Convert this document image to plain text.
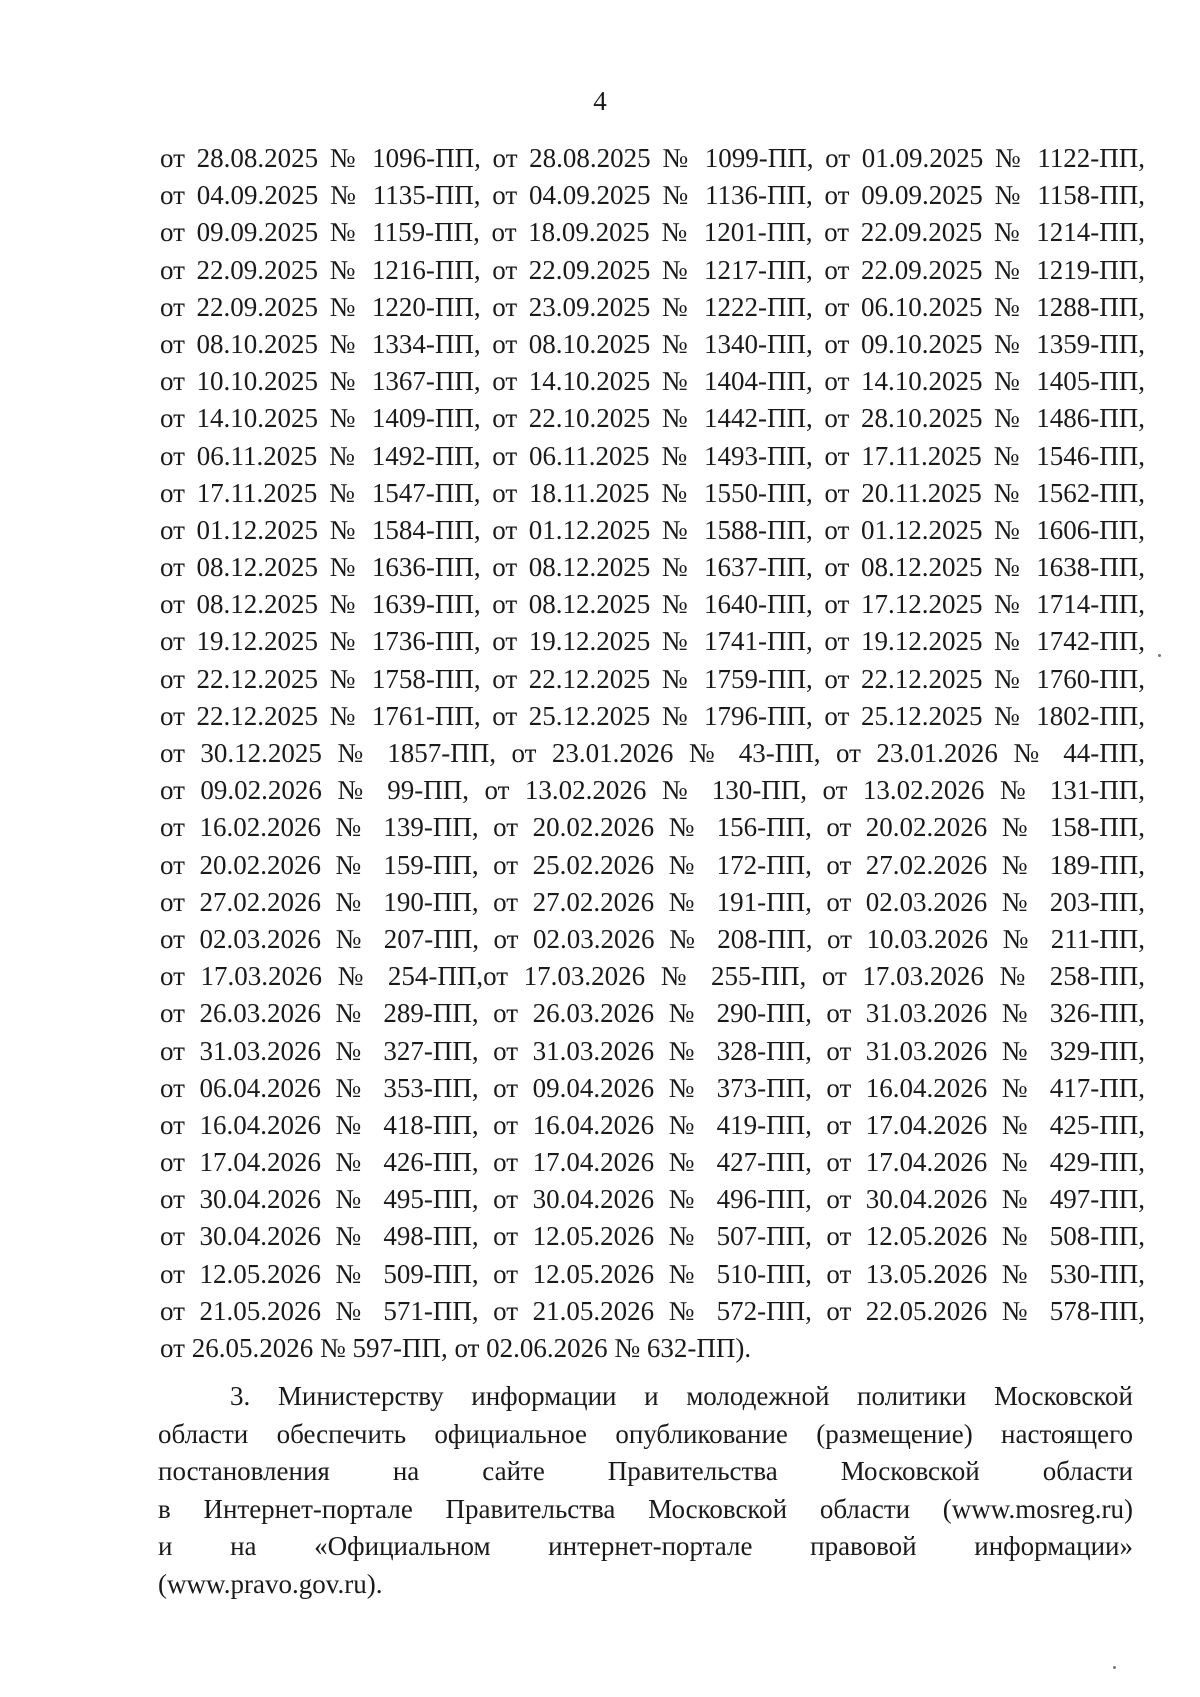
4
от 28.08.2025 № 1096-ПП, от 28.08.2025 № 1099-ПП, от 01.09.2025 № 1122-ПП,
от 04.09.2025 № 1135-ПП, от 04.09.2025 № 1136-ПП, от 09.09.2025 № 1158-ПП,
от 09.09.2025 № 1159-ПП, от 18.09.2025 № 1201-ПП, от 22.09.2025 № 1214-ПП,
от 22.09.2025 № 1216-ПП, от 22.09.2025 № 1217-ПП, от 22.09.2025 № 1219-ПП,
от 22.09.2025 № 1220-ПП, от 23.09.2025 № 1222-ПП, от 06.10.2025 № 1288-ПП,
от 08.10.2025 № 1334-ПП, от 08.10.2025 № 1340-ПП, от 09.10.2025 № 1359-ПП,
от 10.10.2025 № 1367-ПП, от 14.10.2025 № 1404-ПП, от 14.10.2025 № 1405-ПП,
от 14.10.2025 № 1409-ПП, от 22.10.2025 № 1442-ПП, от 28.10.2025 № 1486-ПП,
от 06.11.2025 № 1492-ПП, от 06.11.2025 № 1493-ПП, от 17.11.2025 № 1546-ПП,
от 17.11.2025 № 1547-ПП, от 18.11.2025 № 1550-ПП, от 20.11.2025 № 1562-ПП,
от 01.12.2025 № 1584-ПП, от 01.12.2025 № 1588-ПП, от 01.12.2025 № 1606-ПП,
от 08.12.2025 № 1636-ПП, от 08.12.2025 № 1637-ПП, от 08.12.2025 № 1638-ПП,
от 08.12.2025 № 1639-ПП, от 08.12.2025 № 1640-ПП, от 17.12.2025 № 1714-ПП,
от 19.12.2025 № 1736-ПП, от 19.12.2025 № 1741-ПП, от 19.12.2025 № 1742-ПП,
от 22.12.2025 № 1758-ПП, от 22.12.2025 № 1759-ПП, от 22.12.2025 № 1760-ПП,
от 22.12.2025 № 1761-ПП, от 25.12.2025 № 1796-ПП, от 25.12.2025 № 1802-ПП,
от 30.12.2025 № 1857-ПП, от 23.01.2026 № 43-ПП, от 23.01.2026 № 44-ПП,
от 09.02.2026 № 99-ПП, от 13.02.2026 № 130-ПП, от 13.02.2026 № 131-ПП,
от 16.02.2026 № 139-ПП, от 20.02.2026 № 156-ПП, от 20.02.2026 № 158-ПП,
от 20.02.2026 № 159-ПП, от 25.02.2026 № 172-ПП, от 27.02.2026 № 189-ПП,
от 27.02.2026 № 190-ПП, от 27.02.2026 № 191-ПП, от 02.03.2026 № 203-ПП,
от 02.03.2026 № 207-ПП, от 02.03.2026 № 208-ПП, от 10.03.2026 № 211-ПП,
от 17.03.2026 № 254-ПП,от 17.03.2026 № 255-ПП, от 17.03.2026 № 258-ПП,
от 26.03.2026 № 289-ПП, от 26.03.2026 № 290-ПП, от 31.03.2026 № 326-ПП,
от 31.03.2026 № 327-ПП, от 31.03.2026 № 328-ПП, от 31.03.2026 № 329-ПП,
от 06.04.2026 № 353-ПП, от 09.04.2026 № 373-ПП, от 16.04.2026 № 417-ПП,
от 16.04.2026 № 418-ПП, от 16.04.2026 № 419-ПП, от 17.04.2026 № 425-ПП,
от 17.04.2026 № 426-ПП, от 17.04.2026 № 427-ПП, от 17.04.2026 № 429-ПП,
от 30.04.2026 № 495-ПП, от 30.04.2026 № 496-ПП, от 30.04.2026 № 497-ПП,
от 30.04.2026 № 498-ПП, от 12.05.2026 № 507-ПП, от 12.05.2026 № 508-ПП,
от 12.05.2026 № 509-ПП, от 12.05.2026 № 510-ПП, от 13.05.2026 № 530-ПП,
от 21.05.2026 № 571-ПП, от 21.05.2026 № 572-ПП, от 22.05.2026 № 578-ПП,
от 26.05.2026 № 597-ПП, от 02.06.2026 № 632-ПП).
3. Министерству информации и молодежной политики Московской
области обеспечить официальное опубликование (размещение) настоящего
постановления на сайте Правительства Московской области
в Интернет-портале Правительства Московской области (www.mosreg.ru)
и на «Официальном интернет-портале правовой информации»
(www.pravo.gov.ru).
